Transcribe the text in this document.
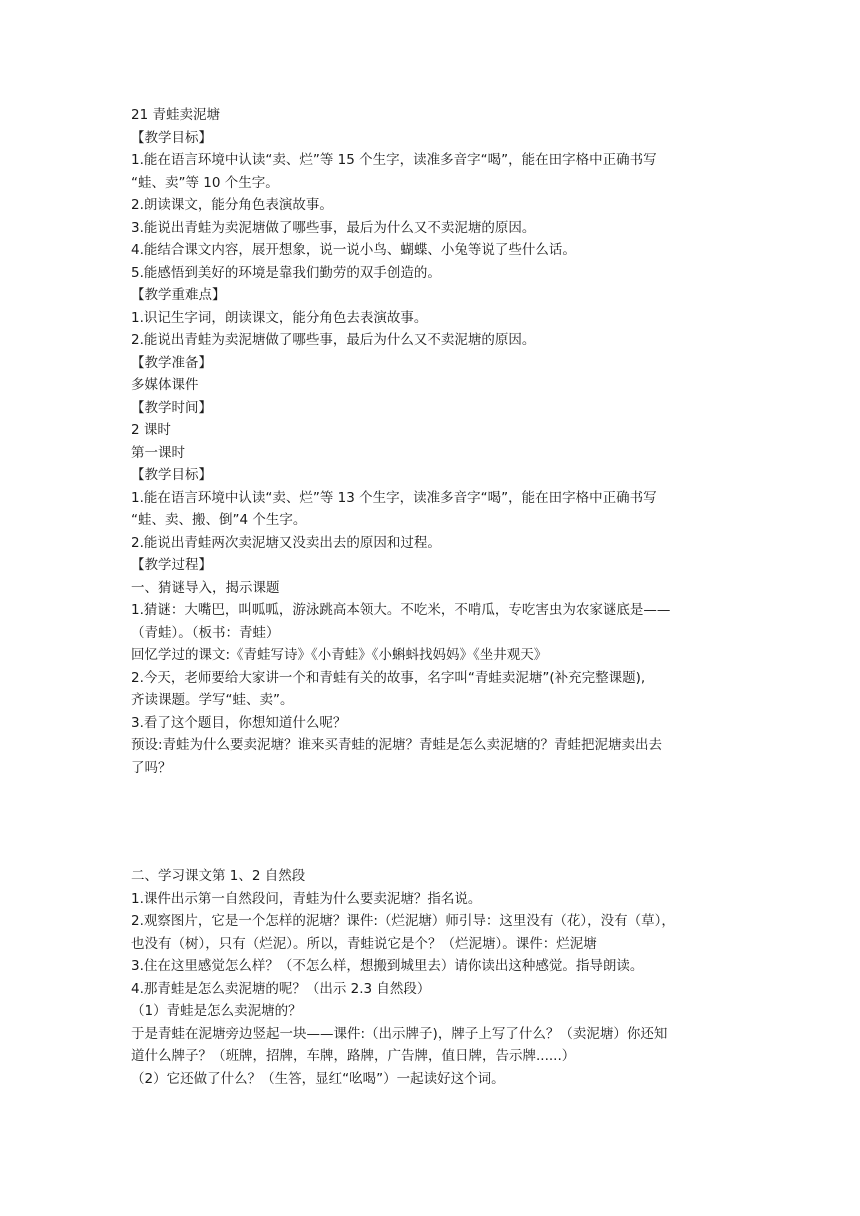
21 青蛙卖泥塘
【教学目标】
1.能在语言环境中认读“卖、烂”等 15 个生字，读准多音字“喝”，能在田字格中正确书写
“蛙、卖”等 10 个生字。
2.朗读课文，能分角色表演故事。
3.能说出青蛙为卖泥塘做了哪些事，最后为什么又不卖泥塘的原因。
4.能结合课文内容，展开想象，说一说小鸟、蝴蝶、小兔等说了些什么话。
5.能感悟到美好的环境是靠我们勤劳的双手创造的。
【教学重难点】
1.识记生字词，朗读课文，能分角色去表演故事。
2.能说出青蛙为卖泥塘做了哪些事，最后为什么又不卖泥塘的原因。
【教学准备】
多媒体课件
【教学时间】
2 课时
第一课时
【教学目标】
1.能在语言环境中认读“卖、烂”等 13 个生字，读准多音字“喝”，能在田字格中正确书写
“蛙、卖、搬、倒”4 个生字。
2.能说出青蛙两次卖泥塘又没卖出去的原因和过程。
【教学过程】
一、猜谜导入，揭示课题
1.猜谜：大嘴巴，叫呱呱，游泳跳高本领大。不吃米，不啃瓜，专吃害虫为农家谜底是——
（青蛙）。（板书：青蛙）
回忆学过的课文:《青蛙写诗》《小青蛙》《小蝌蚪找妈妈》《坐井观天》
2.今天，老师要给大家讲一个和青蛙有关的故事，名字叫“青蛙卖泥塘”(补充完整课题),
齐读课题。学写“蛙、卖”。
3.看了这个题目，你想知道什么呢？
预设:青蛙为什么要卖泥塘？谁来买青蛙的泥塘？青蛙是怎么卖泥塘的？青蛙把泥塘卖出去
了吗？
二、学习课文第 1、2 自然段
1.课件出示第一自然段问，青蛙为什么要卖泥塘？指名说。
2.观察图片，它是一个怎样的泥塘？课件:（烂泥塘）师引导：这里没有（花），没有（草），
也没有（树），只有（烂泥）。所以，青蛙说它是个？（烂泥塘）。课件：烂泥塘
3.住在这里感觉怎么样？（不怎么样，想搬到城里去）请你读出这种感觉。指导朗读。
4.那青蛙是怎么卖泥塘的呢？（出示 2.3 自然段）
（1）青蛙是怎么卖泥塘的？
于是青蛙在泥塘旁边竖起一块——课件:（出示牌子)，牌子上写了什么？（卖泥塘）你还知
道什么牌子？（班牌，招牌，车牌，路牌，广告牌，值日牌，告示牌......）
（2）它还做了什么？（生答，显红“吆喝”）一起读好这个词。
